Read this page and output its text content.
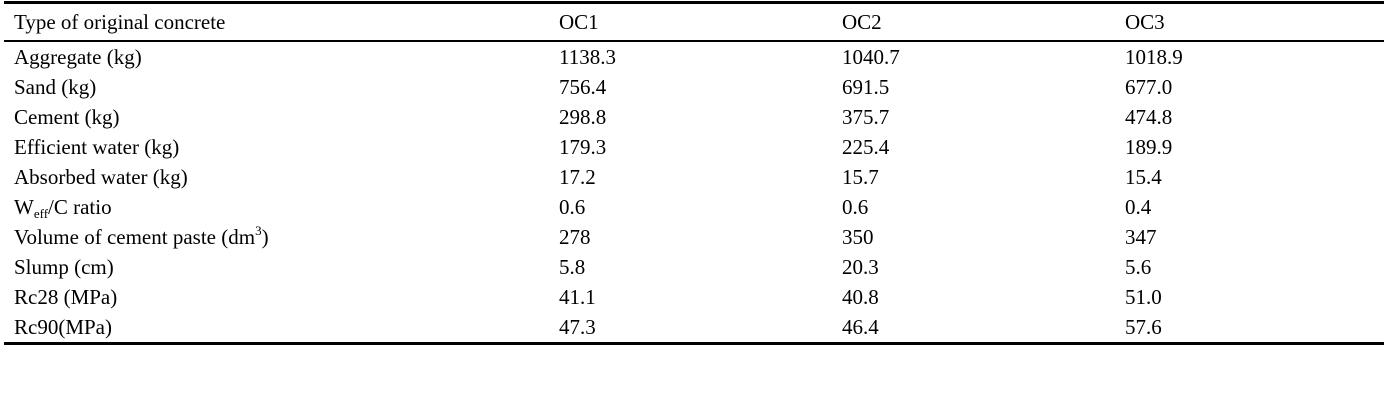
Type of original concrete	OC1	OC2	OC3
Aggregate (kg)	1138.3	1040.7	1018.9
Sand (kg)	756.4	691.5	677.0
Cement (kg)	298.8	375.7	474.8
Efficient water (kg)	179.3	225.4	189.9
Absorbed water (kg)	17.2	15.7	15.4
$W_{eff}/C$ ratio	0.6	0.6	0.4
Volume of cement paste $(dm^3)$	278	350	347
Slump (cm)	5.8	20.3	5.6
Rc28 (MPa)	41.1	40.8	51.0
Rc90(MPa)	47.3	46.4	57.6
